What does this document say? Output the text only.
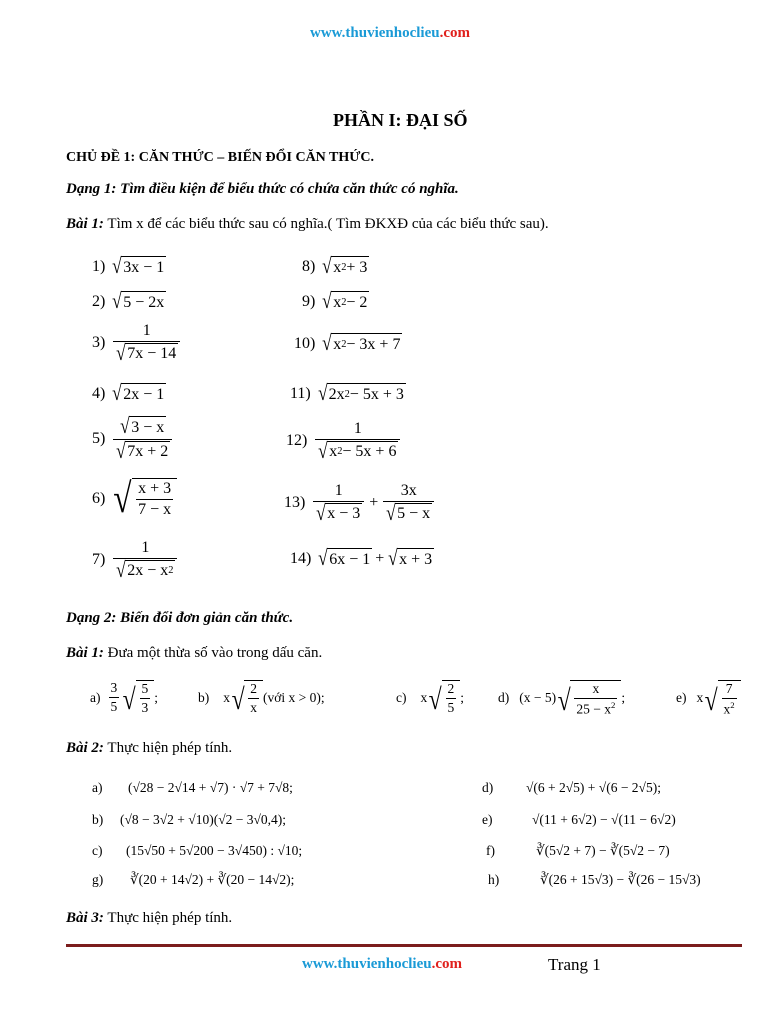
www.thuvienhoclieu.com
PHẦN I: ĐẠI SỐ
CHỦ ĐỀ 1: CĂN THỨC – BIẾN ĐỔI CĂN THỨC.
Dạng 1: Tìm điều kiện để biểu thức có chứa căn thức có nghĩa.
Bài 1: Tìm x để các biểu thức sau có nghĩa.( Tìm ĐKXĐ của các biểu thức sau).
1) √ 3x − 1
2) √ 5 − 2x
3)
1
√ 7x − 14
4) √ 2x − 1
5)
√ 3 − x
√ 7x + 2
6) √ x + 3
7 − x
7)
1
√ 2x − x 2
8) √ x 2 + 3
9) √ x 2 − 2
10) √ x 2 − 3x + 7
11) √ 2x 2 − 5x + 3
12)
1
√ x 2 − 5x + 6
13)
1
√ x − 3
+ $\frac{3x}{√ 5 - x}$
14) √ 6x − 1 + √ x + 3
Dạng 2: Biến đổi đơn giản căn thức.
Bài 1: Đưa một thừa số vào trong dấu căn.
a)
3
5 √ 5
3
;	b) x √ 2
x
(với x > 0);	c) x √ 2
5
;	d) (x − 5) √ x
$25 - x^2$ ;	e) x √ 7
$x^2$
Bài 2: Thực hiện phép tính.
a)	(√28 − 2√14 + √7) · √7 + 7√8;
b)	(√8 − 3√2 + √10)(√2 − 3√0,4);
c)	(15√50 + 5√200 − 3√450) : √10;
g)	∛(20 + 14√2) + ∛(20 − 14√2);
d)	√(6 + 2√5) + √(6 − 2√5);
e)	√(11 + 6√2) − √(11 − 6√2)
f)	∛(5√2 + 7) − ∛(5√2 − 7)
h)	∛(26 + 15√3) − ∛(26 − 15√3)
Bài 3: Thực hiện phép tính.
www.thuvienhoclieu.com	Trang 1
